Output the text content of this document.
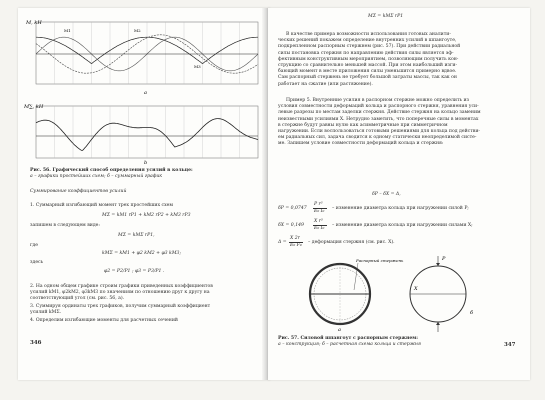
M, kH
a
M1	M2
M3
M∑, kH
b
Рис. 56. Графический способ определения усилий в кольце:
а – графики простейших схем; б – суммарный график
Суммирование коэффициентов усилий
1. Суммарный изгибающий момент трех простейших схем
MΣ = kM1 rP1 + kM2 rP2 + kM3 rP3
запишем в следующем виде:
MΣ = kMΣ rP1,
где
kMΣ = kM1 + φ2 kM2 + φ3 kM3;
здесь
φ2 = P2/P1 ; φ3 = P3/P1 .
2. На одном общем графике строим графики приведенных коэффициентов
усилий kM1, φ2kM2, φ3kM3 по значениям по отношению друг к другу на
соответствующий угол (см. рис. 56, а).
3. Суммируя ординаты трех графиков, получим суммарный коэффициент
усилий kMΣ.
4. Определим изгибающие моменты для расчетных сечений
346
MΣ = kMΣ rP1
В качестве примера возможности использования готовых аналити-
ческих решений покажем определение внутренних усилий в шпангоуте,
подкрепленном распорным стержнем (рис. 57). При действии радиальной
силы постановка стержня по направлению действия силы является эф-
фективным конструктивным мероприятием, позволяющим получить кон-
струкцию со сравнительно меньшей массой. При этом наибольший изги-
бающий момент в месте приложения силы уменьшится примерно вдвое.
Сам распорный стержень не требует большой затраты массы, так как он
работает на сжатие (или растяжение).
Пример 5. Внутренние усилия в распорном стержне можно определить из
условия совместности деформаций кольца и распорного стержня, уравнения уси-
левые разрезы по местам заделки стержня. Действие стержня на кольцо заменим
неизвестными усилиями X. Нетрудно заметить, что поперечные силы в моментах
в стержне будут равны нулю как асимметричные при симметричном
нагружении. Если воспользоваться готовыми решениями для кольца под действи-
ем радиальных сил, задача сводится к одному статически неопределимой систе-
ме. Запишем условие совместности деформаций кольца и стержня:
δP – δX = Δ,
δP = 0,0747
P r³
E₀ I₀
– изменение диаметра кольца при нагружении силой P;
δX = 0,149
X r³
E₀ I₀
– изменение диаметра кольца при нагружении силами X;
Δ =
X 2r
E₀ F₀
– деформация стержня (см. рис. X).
Распорный стержень
a
P
X
б
Рис. 57. Силовой шпангоут с распорным стержнем:
а – конструкция; б – расчетная схема кольца и стержня	347
